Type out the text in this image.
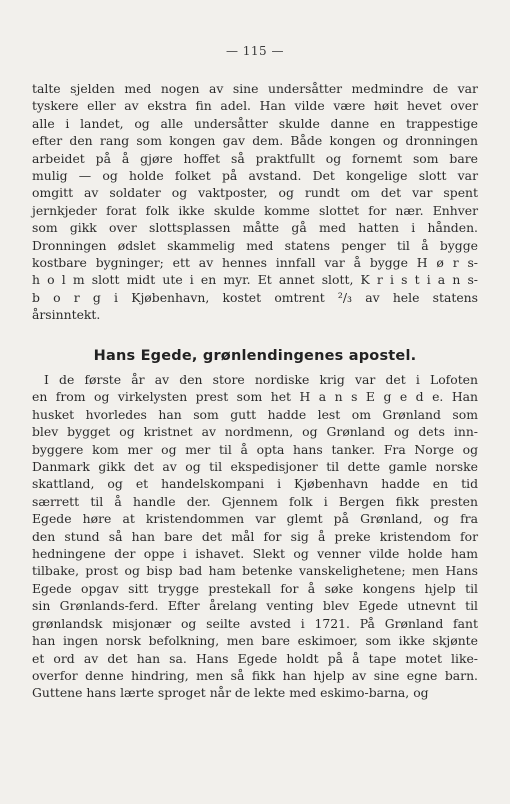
— 115 —
talte sjelden med nogen av sine undersåtter medmindre de var
tyskere eller av ekstra fin adel. Han vilde være høit hevet over
alle i landet, og alle undersåtter skulde danne en trappestige
efter den rang som kongen gav dem. Både kongen og dronningen
arbeidet på å gjøre hoffet så praktfullt og fornemt som bare
mulig — og holde folket på avstand. Det kongelige slott var
omgitt av soldater og vaktposter, og rundt om det var spent
jernkjeder forat folk ikke skulde komme slottet for nær. Enhver
som gikk over slottsplassen måtte gå med hatten i hånden.
Dronningen ødslet skammelig med statens penger til å bygge
kostbare bygninger; ett av hennes innfall var å bygge H ø r s-
h o l m slott midt ute i en myr. Et annet slott, K r i s t i a n s-
b o r g i Kjøbenhavn, kostet omtrent ²/₃ av hele statens
årsinntekt.
Hans Egede, grønlendingenes apostel.
I de første år av den store nordiske krig var det i Lofoten
en from og virkelysten prest som het H a n s E g e d e. Han
husket hvorledes han som gutt hadde lest om Grønland som
blev bygget og kristnet av nordmenn, og Grønland og dets inn-
byggere kom mer og mer til å opta hans tanker. Fra Norge og
Danmark gikk det av og til ekspedisjoner til dette gamle norske
skattland, og et handelskompani i Kjøbenhavn hadde en tid
særrett til å handle der. Gjennem folk i Bergen fikk presten
Egede høre at kristendommen var glemt på Grønland, og fra
den stund så han bare det mål for sig å preke kristendom for
hedningene der oppe i ishavet. Slekt og venner vilde holde ham
tilbake, prost og bisp bad ham betenke vanskelighetene; men Hans
Egede opgav sitt trygge prestekall for å søke kongens hjelp til
sin Grønlands-ferd. Efter årelang venting blev Egede utnevnt til
grønlandsk misjonær og seilte avsted i 1721. På Grønland fant
han ingen norsk befolkning, men bare eskimoer, som ikke skjønte
et ord av det han sa. Hans Egede holdt på å tape motet like-
overfor denne hindring, men så fikk han hjelp av sine egne barn.
Guttene hans lærte sproget når de lekte med eskimo-barna, og
